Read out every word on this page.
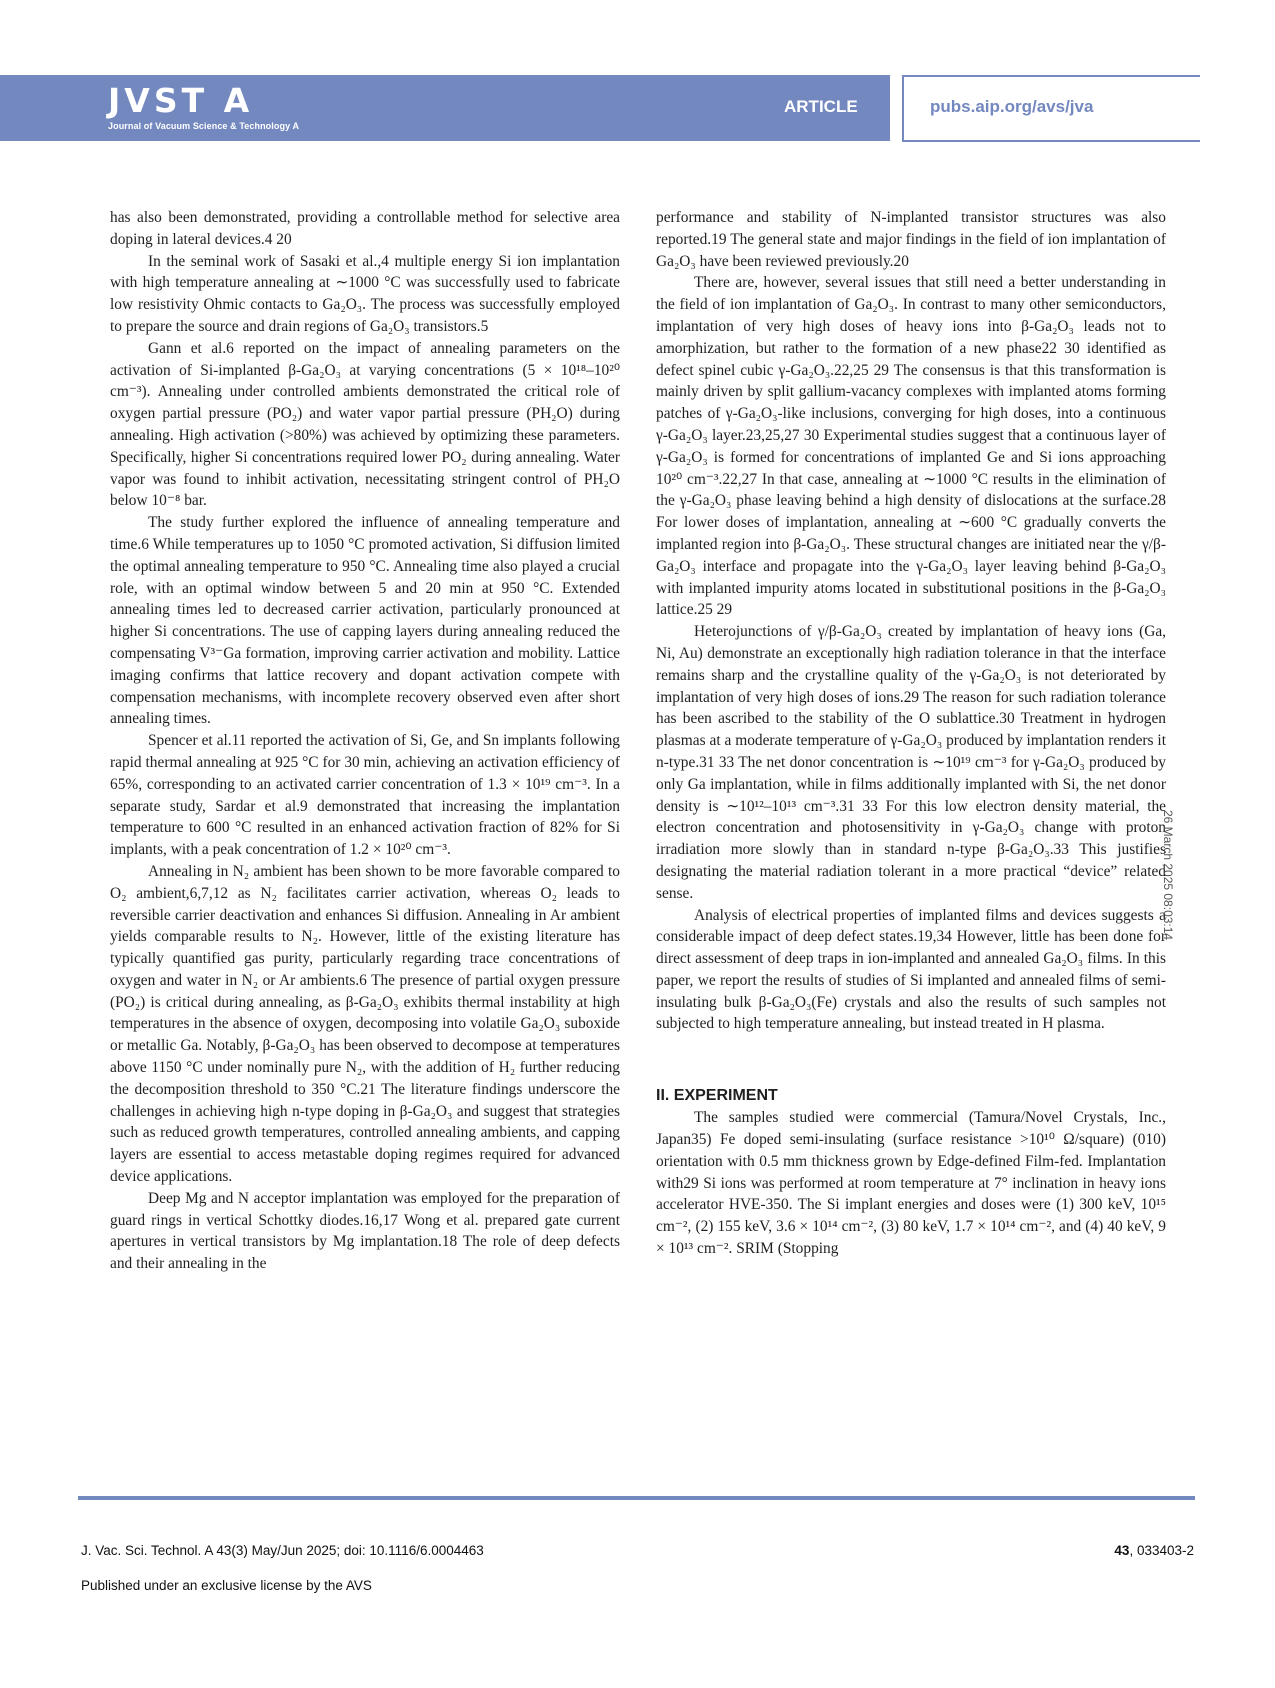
JVST A
Journal of Vacuum Science & Technology A
ARTICLE	pubs.aip.org/avs/jva

has also been demonstrated, providing a controllable method for selective area doping in lateral devices.4 20

In the seminal work of Sasaki et al.,4 multiple energy Si ion implantation with high temperature annealing at ∼1000 °C was successfully used to fabricate low resistivity Ohmic contacts to Ga₂O₃. The process was successfully employed to prepare the source and drain regions of Ga₂O₃ transistors.5

Gann et al.6 reported on the impact of annealing parameters on the activation of Si-implanted β-Ga₂O₃ at varying concentrations (5 × 10¹⁸–10²⁰ cm⁻³). Annealing under controlled ambients demonstrated the critical role of oxygen partial pressure (PO₂) and water vapor partial pressure (PH₂O) during annealing. High activation (>80%) was achieved by optimizing these parameters. Specifically, higher Si concentrations required lower PO₂ during annealing. Water vapor was found to inhibit activation, necessitating stringent control of PH₂O below 10⁻⁸ bar.

The study further explored the influence of annealing temperature and time.6 While temperatures up to 1050 °C promoted activation, Si diffusion limited the optimal annealing temperature to 950 °C. Annealing time also played a crucial role, with an optimal window between 5 and 20 min at 950 °C. Extended annealing times led to decreased carrier activation, particularly pronounced at higher Si concentrations. The use of capping layers during annealing reduced the compensating V³⁻Ga formation, improving carrier activation and mobility. Lattice imaging confirms that lattice recovery and dopant activation compete with compensation mechanisms, with incomplete recovery observed even after short annealing times.

Spencer et al.11 reported the activation of Si, Ge, and Sn implants following rapid thermal annealing at 925 °C for 30 min, achieving an activation efficiency of 65%, corresponding to an activated carrier concentration of 1.3 × 10¹⁹ cm⁻³. In a separate study, Sardar et al.9 demonstrated that increasing the implantation temperature to 600 °C resulted in an enhanced activation fraction of 82% for Si implants, with a peak concentration of 1.2 × 10²⁰ cm⁻³.

Annealing in N₂ ambient has been shown to be more favorable compared to O₂ ambient,6,7,12 as N₂ facilitates carrier activation, whereas O₂ leads to reversible carrier deactivation and enhances Si diffusion. Annealing in Ar ambient yields comparable results to N₂. However, little of the existing literature has typically quantified gas purity, particularly regarding trace concentrations of oxygen and water in N₂ or Ar ambients.6 The presence of partial oxygen pressure (PO₂) is critical during annealing, as β-Ga₂O₃ exhibits thermal instability at high temperatures in the absence of oxygen, decomposing into volatile Ga₂O₃ suboxide or metallic Ga. Notably, β-Ga₂O₃ has been observed to decompose at temperatures above 1150 °C under nominally pure N₂, with the addition of H₂ further reducing the decomposition threshold to 350 °C.21 The literature findings underscore the challenges in achieving high n-type doping in β-Ga₂O₃ and suggest that strategies such as reduced growth temperatures, controlled annealing ambients, and capping layers are essential to access metastable doping regimes required for advanced device applications.

Deep Mg and N acceptor implantation was employed for the preparation of guard rings in vertical Schottky diodes.16,17 Wong et al. prepared gate current apertures in vertical transistors by Mg implantation.18 The role of deep defects and their annealing in the

performance and stability of N-implanted transistor structures was also reported.19 The general state and major findings in the field of ion implantation of Ga₂O₃ have been reviewed previously.20

There are, however, several issues that still need a better understanding in the field of ion implantation of Ga₂O₃. In contrast to many other semiconductors, implantation of very high doses of heavy ions into β-Ga₂O₃ leads not to amorphization, but rather to the formation of a new phase22 30 identified as defect spinel cubic γ-Ga₂O₃.22,25 29 The consensus is that this transformation is mainly driven by split gallium-vacancy complexes with implanted atoms forming patches of γ-Ga₂O₃-like inclusions, converging for high doses, into a continuous γ-Ga₂O₃ layer.23,25,27 30 Experimental studies suggest that a continuous layer of γ-Ga₂O₃ is formed for concentrations of implanted Ge and Si ions approaching 10²⁰ cm⁻³.22,27 In that case, annealing at ∼1000 °C results in the elimination of the γ-Ga₂O₃ phase leaving behind a high density of dislocations at the surface.28 For lower doses of implantation, annealing at ∼600 °C gradually converts the implanted region into β-Ga₂O₃. These structural changes are initiated near the γ/β-Ga₂O₃ interface and propagate into the γ-Ga₂O₃ layer leaving behind β-Ga₂O₃ with implanted impurity atoms located in substitutional positions in the β-Ga₂O₃ lattice.25 29

Heterojunctions of γ/β-Ga₂O₃ created by implantation of heavy ions (Ga, Ni, Au) demonstrate an exceptionally high radiation tolerance in that the interface remains sharp and the crystalline quality of the γ-Ga₂O₃ is not deteriorated by implantation of very high doses of ions.29 The reason for such radiation tolerance has been ascribed to the stability of the O sublattice.30 Treatment in hydrogen plasmas at a moderate temperature of γ-Ga₂O₃ produced by implantation renders it n-type.31 33 The net donor concentration is ∼10¹⁹ cm⁻³ for γ-Ga₂O₃ produced by only Ga implantation, while in films additionally implanted with Si, the net donor density is ∼10¹²–10¹³ cm⁻³.31 33 For this low electron density material, the electron concentration and photosensitivity in γ-Ga₂O₃ change with proton irradiation more slowly than in standard n-type β-Ga₂O₃.33 This justifies designating the material radiation tolerant in a more practical “device” related sense.

Analysis of electrical properties of implanted films and devices suggests a considerable impact of deep defect states.19,34 However, little has been done for direct assessment of deep traps in ion-implanted and annealed Ga₂O₃ films. In this paper, we report the results of studies of Si implanted and annealed films of semi-insulating bulk β-Ga₂O₃(Fe) crystals and also the results of such samples not subjected to high temperature annealing, but instead treated in H plasma.

II. EXPERIMENT

The samples studied were commercial (Tamura/Novel Crystals, Inc., Japan35) Fe doped semi-insulating (surface resistance >10¹⁰ Ω/square) (010) orientation with 0.5 mm thickness grown by Edge-defined Film-fed. Implantation with29 Si ions was performed at room temperature at 7° inclination in heavy ions accelerator HVE-350. The Si implant energies and doses were (1) 300 keV, 10¹⁵ cm⁻², (2) 155 keV, 3.6 × 10¹⁴ cm⁻², (3) 80 keV, 1.7 × 10¹⁴ cm⁻², and (4) 40 keV, 9 × 10¹³ cm⁻². SRIM (Stopping

26 March 2025 08:03:14
J. Vac. Sci. Technol. A 43(3) May/Jun 2025; doi: 10.1116/6.0004463	43, 033403-2
Published under an exclusive license by the AVS
